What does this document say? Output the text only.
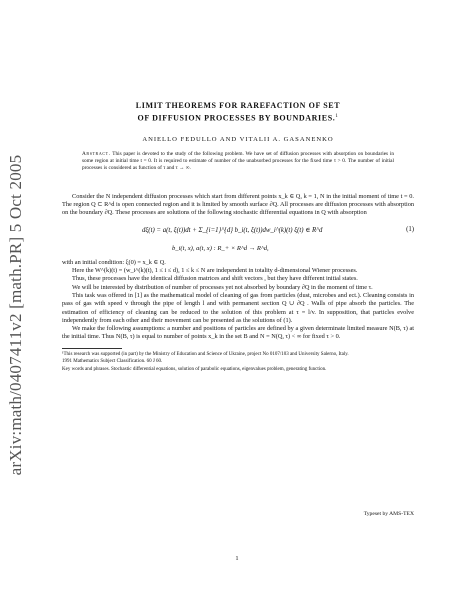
arXiv:math/0407411v2 [math.PR] 5 Oct 2005
LIMIT THEOREMS FOR RAREFACTION OF SET
OF DIFFUSION PROCESSES BY BOUNDARIES.$^1$
ANIELLO FEDULLO AND VITALII A. GASANENKO
Abstract. This paper is devoted to the study of the following problem. We have set of diffusion processes with absorption on boundaries in some region at initial time t = 0. It is required to estimate of number of the unabsorbed processes for the fixed time τ > 0. The number of initial processes is considered as function of τ and τ → ∞.

Consider the N independent diffusion processes which start from different points x_k ∈ Q, k = 1, N in the initial moment of time t = 0. The region Q ⊂ R^d is open connected region and it is limited by smooth surface ∂Q. All processes are diffusion processes with absorption on the boundary ∂Q. These processes are solutions of the following stochastic differential equations in Q with absorption

dξ(t) = a(t, ξ(t))dt + Σ_{i=1}^{d} b_i(t, ξ(t))dw_i^(k)(t) ξ(t) ∈ R^d	(1)
b_i(t, x), a(t, x) : R_+ × R^d → R^d,

with an initial condition: ξ(0) = x_k ∈ Q.

Here the W^(k)(t) = (w_i^(k)(t), 1 ≤ i ≤ d), 1 ≤ k ≤ N are independent in totality d-dimensional Wiener processes.

Thus, these processes have the identical diffusion matrices and shift vectors , but they have different initial states.

We will be interested by distribution of number of processes yet not absorbed by boundary ∂Q in the moment of time τ.

This task was offered in [1] as the mathematical model of cleaning of gas from particles (dust, microbes and ect.). Cleaning consists in pass of gas with speed v through the pipe of length l and with permanent section Q ∪ ∂Q . Walls of pipe absorb the particles. The estimation of efficiency of cleaning can be reduced to the solution of this problem at τ = l/v. In supposition, that particles evolve independently from each other and their movement can be presented as the solutions of (1).

We make the following assumptions: a number and positions of particles are defined by a given determinate limited measure N(B, τ) at the initial time. Thus N(B, τ) is equal to number of points x_k in the set B and N = N(Q, τ) < ∞ for fixed τ > 0.

¹This research was supported (in part) by the Ministry of Education and Science of Ukraine, project No 0107/103 and University Salerno, Italy.
1991 Mathematics Subject Classification. 60 J 60.
Key words and phrases. Stochastic differential equations, solution of parabolic equations, eigenvalues problem, generating function.
Typeset by AMS-TEX
1
